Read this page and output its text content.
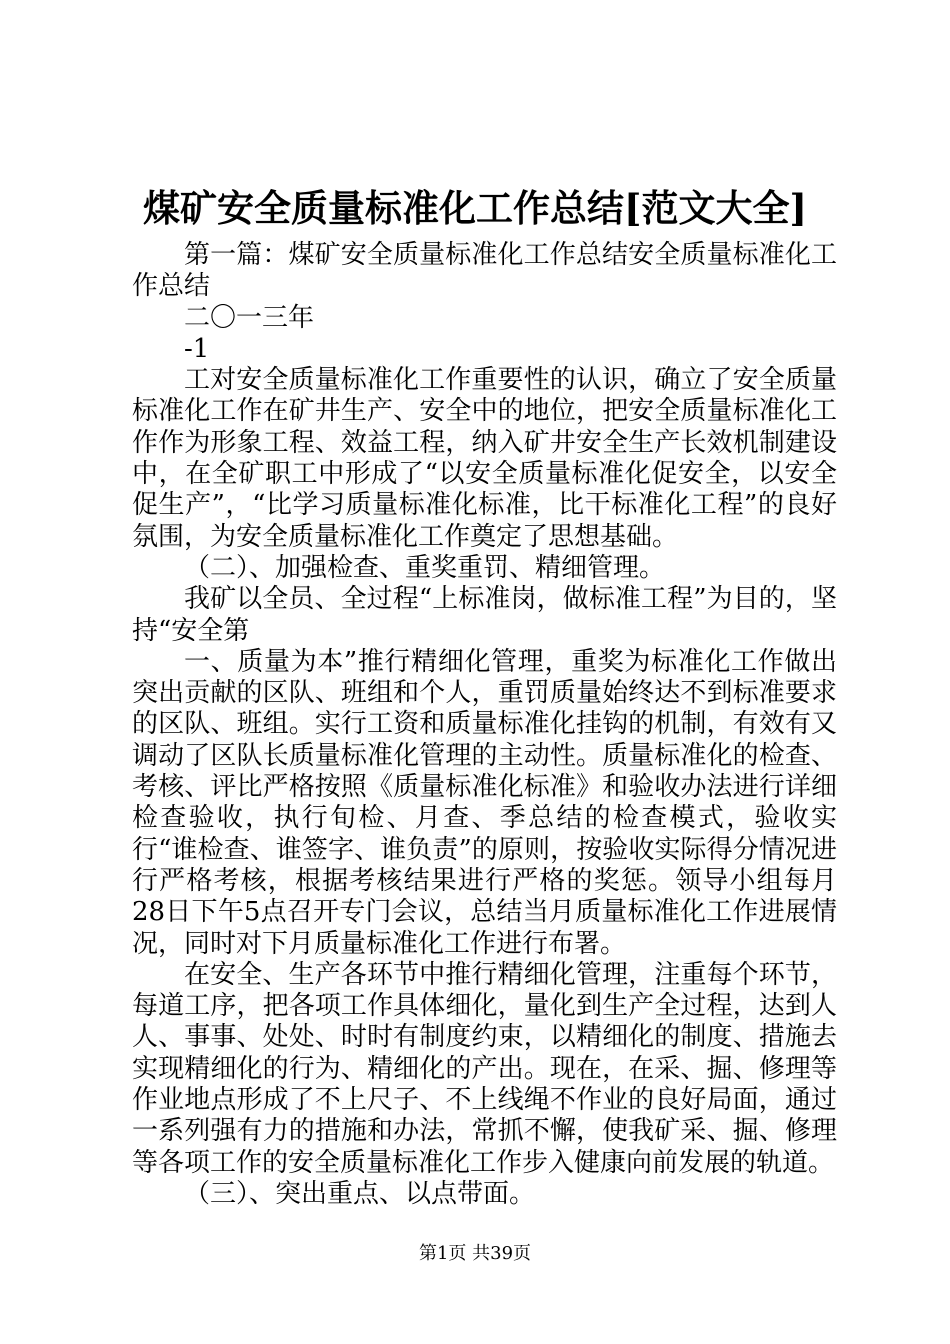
煤矿安全质量标准化工作总结[范文大全]

第一篇：煤矿安全质量标准化工作总结安全质量标准化工作总结

二〇一三年

-1

工对安全质量标准化工作重要性的认识，确立了安全质量标准化工作在矿井生产、安全中的地位，把安全质量标准化工作作为形象工程、效益工程，纳入矿井安全生产长效机制建设中，在全矿职工中形成了“以安全质量标准化促安全，以安全促生产”，“比学习质量标准化标准，比干标准化工程”的良好氛围，为安全质量标准化工作奠定了思想基础。

（二）、加强检查、重奖重罚、精细管理。

我矿以全员、全过程“上标准岗，做标准工程”为目的，坚持“安全第

一、质量为本”推行精细化管理，重奖为标准化工作做出突出贡献的区队、班组和个人，重罚质量始终达不到标准要求的区队、班组。实行工资和质量标准化挂钩的机制，有效有又调动了区队长质量标准化管理的主动性。质量标准化的检查、考核、评比严格按照《质量标准化标准》和验收办法进行详细检查验收，执行旬检、月查、季总结的检查模式，验收实行“谁检查、谁签字、谁负责”的原则，按验收实际得分情况进行严格考核，根据考核结果进行严格的奖惩。领导小组每月28日下午5点召开专门会议，总结当月质量标准化工作进展情况，同时对下月质量标准化工作进行布署。

在安全、生产各环节中推行精细化管理，注重每个环节，每道工序，把各项工作具体细化，量化到生产全过程，达到人人、事事、处处、时时有制度约束，以精细化的制度、措施去实现精细化的行为、精细化的产出。现在，在采、掘、修理等作业地点形成了不上尺子、不上线绳不作业的良好局面，通过一系列强有力的措施和办法，常抓不懈，使我矿采、掘、修理等各项工作的安全质量标准化工作步入健康向前发展的轨道。

（三）、突出重点、以点带面。

第1页 共39页
